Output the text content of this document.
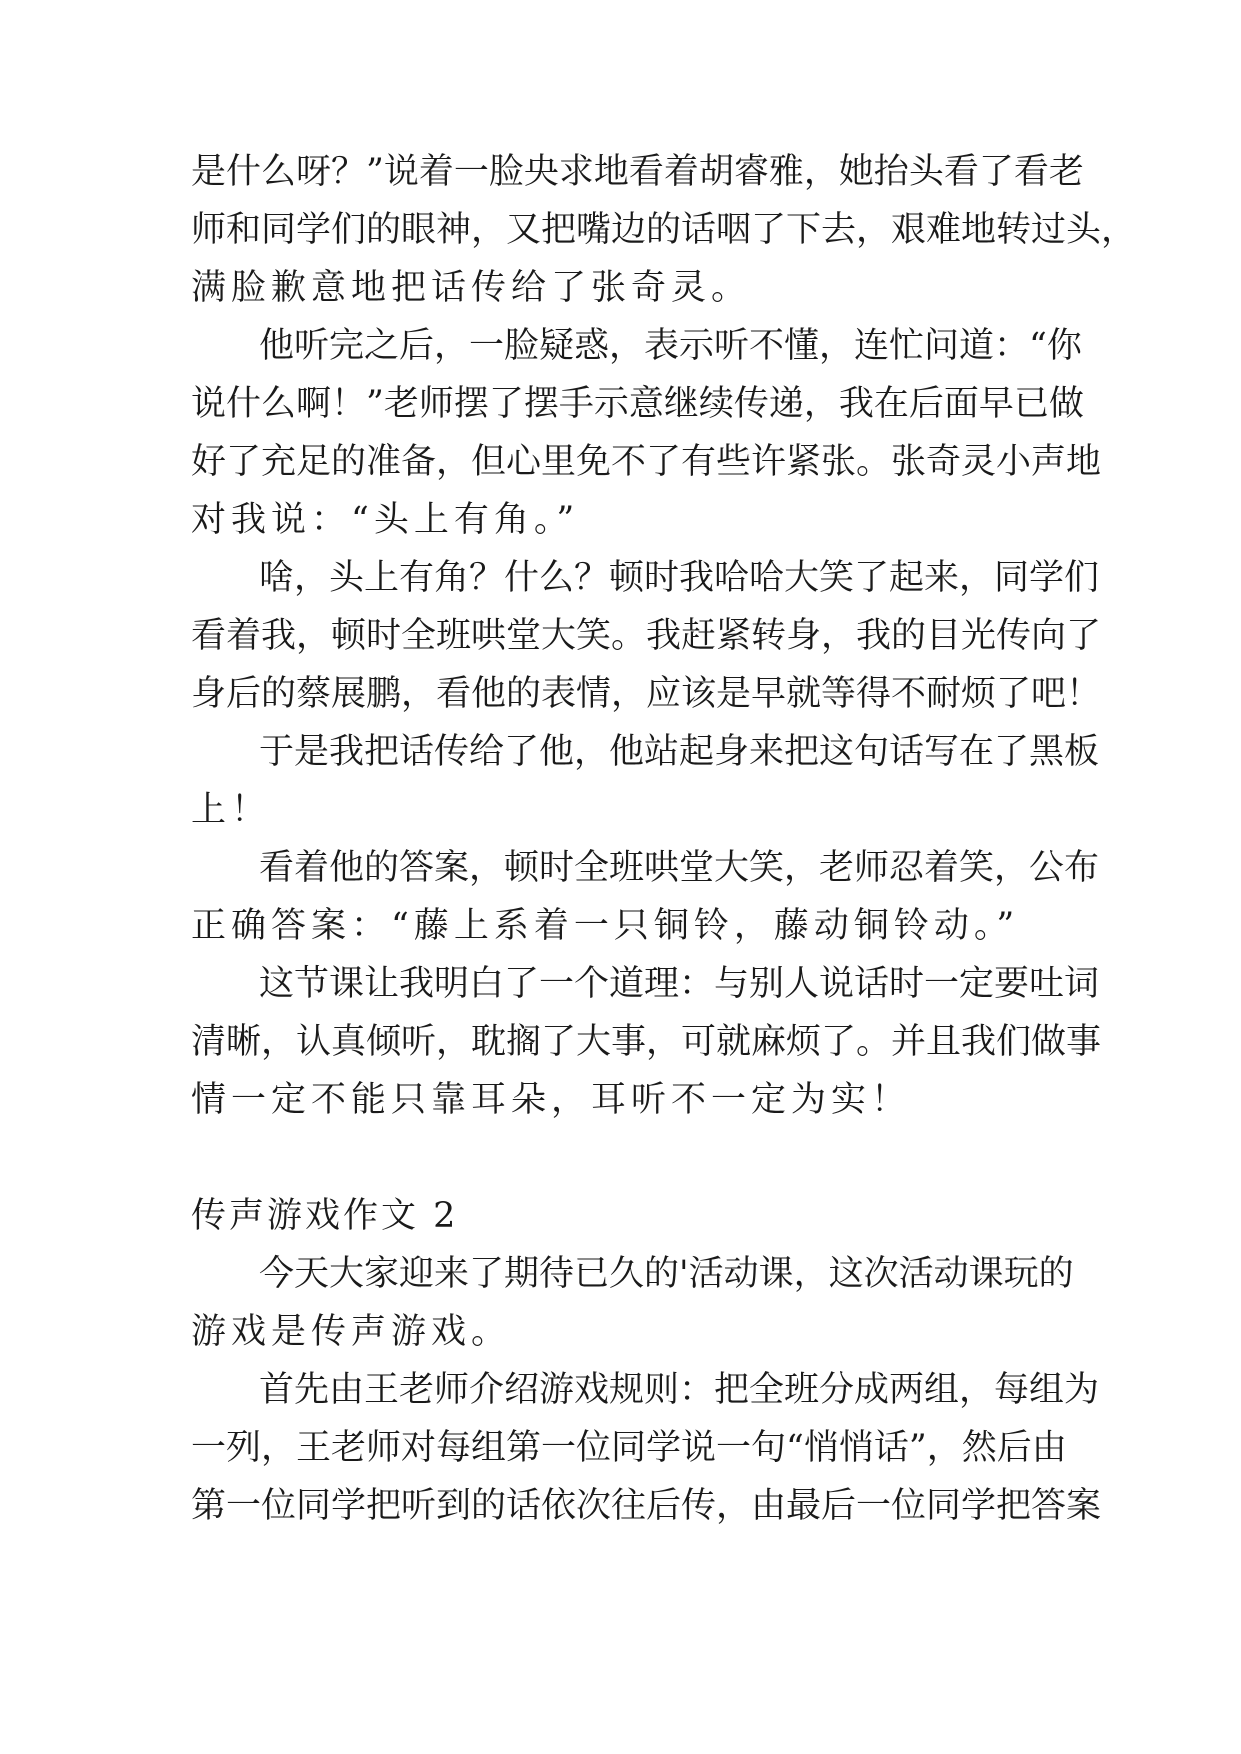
是什么呀？”说着一脸央求地看着胡睿雅，她抬头看了看老
师和同学们的眼神，又把嘴边的话咽了下去，艰难地转过头，
满脸歉意地把话传给了张奇灵。
他听完之后，一脸疑惑，表示听不懂，连忙问道：“你
说什么啊！”老师摆了摆手示意继续传递，我在后面早已做
好了充足的准备，但心里免不了有些许紧张。张奇灵小声地
对我说：“头上有角。”
啥，头上有角？什么？顿时我哈哈大笑了起来，同学们
看着我，顿时全班哄堂大笑。我赶紧转身，我的目光传向了
身后的蔡展鹏，看他的表情，应该是早就等得不耐烦了吧！
于是我把话传给了他，他站起身来把这句话写在了黑板
上！
看着他的答案，顿时全班哄堂大笑，老师忍着笑，公布
正确答案：“藤上系着一只铜铃，藤动铜铃动。”
这节课让我明白了一个道理：与别人说话时一定要吐词
清晰，认真倾听，耽搁了大事，可就麻烦了。并且我们做事
情一定不能只靠耳朵，耳听不一定为实！
传声游戏作文 2
今天大家迎来了期待已久的'活动课，这次活动课玩的
游戏是传声游戏。
首先由王老师介绍游戏规则：把全班分成两组，每组为
一列，王老师对每组第一位同学说一句“悄悄话”，然后由
第一位同学把听到的话依次往后传，由最后一位同学把答案
